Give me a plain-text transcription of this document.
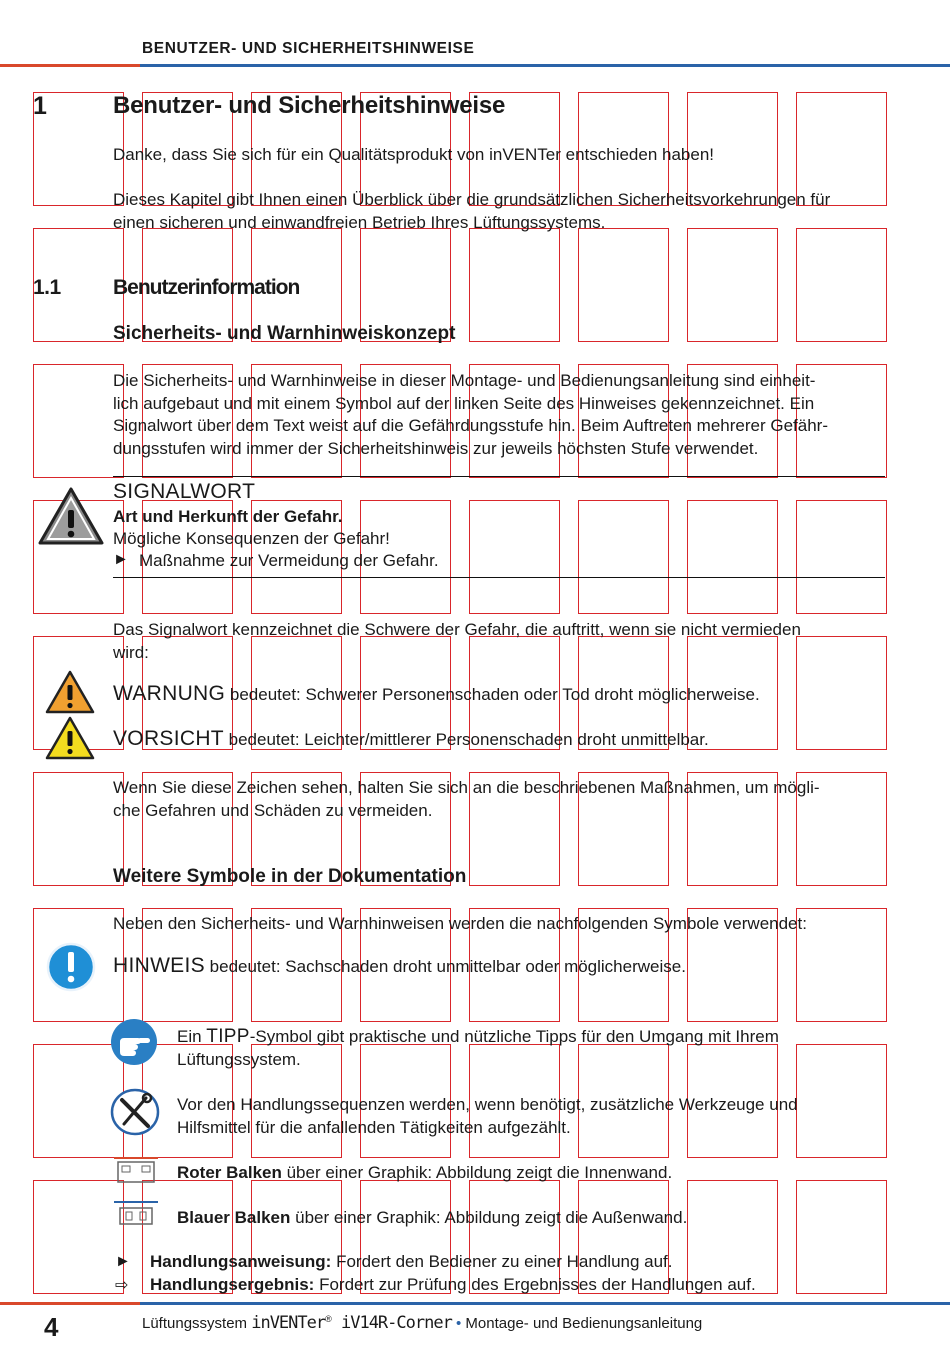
BENUTZER- UND SICHERHEITSHINWEISE
1	Benutzer- und Sicherheitshinweise
Danke, dass Sie sich für ein Qualitätsprodukt von inVENTer entschieden haben!
Dieses Kapitel gibt Ihnen einen Überblick über die grundsätzlichen Sicherheitsvorkehrungen für
einen sicheren und einwandfreien Betrieb Ihres Lüftungssystems.
1.1 Benutzerinformation
Sicherheits- und Warnhinweiskonzept
Die Sicherheits- und Warnhinweise in dieser Montage- und Bedienungsanleitung sind einheit-
lich aufgebaut und mit einem Symbol auf der linken Seite des Hinweises gekennzeichnet. Ein
Signalwort über dem Text weist auf die Gefährdungsstufe hin. Beim Auftreten mehrerer Gefähr-
dungsstufen wird immer der Sicherheitshinweis zur jeweils höchsten Stufe verwendet.
SIGNALWORT
Art und Herkunft der Gefahr.
Mögliche Konsequenzen der Gefahr!
► Maßnahme zur Vermeidung der Gefahr.
Das Signalwort kennzeichnet die Schwere der Gefahr, die auftritt, wenn sie nicht vermieden
wird:
WARNUNG bedeutet: Schwerer Personenschaden oder Tod droht möglicherweise.
VORSICHT bedeutet: Leichter/mittlerer Personenschaden droht unmittelbar.
Wenn Sie diese Zeichen sehen, halten Sie sich an die beschriebenen Maßnahmen, um mögli-
che Gefahren und Schäden zu vermeiden.
Weitere Symbole in der Dokumentation
Neben den Sicherheits- und Warnhinweisen werden die nachfolgenden Symbole verwendet:
HINWEIS bedeutet: Sachschaden droht unmittelbar oder möglicherweise.
Ein TIPP-Symbol gibt praktische und nützliche Tipps für den Umgang mit Ihrem
Lüftungssystem.
Vor den Handlungssequenzen werden, wenn benötigt, zusätzliche Werkzeuge und
Hilfsmittel für die anfallenden Tätigkeiten aufgezählt.
Roter Balken über einer Graphik: Abbildung zeigt die Innenwand.
Blauer Balken über einer Graphik: Abbildung zeigt die Außenwand.
► Handlungsanweisung: Fordert den Bediener zu einer Handlung auf.
⇨ Handlungsergebnis: Fordert zur Prüfung des Ergebnisses der Handlungen auf.
4	Lüftungssystem inVENTer® iV14R-Corner • Montage- und Bedienungsanleitung
